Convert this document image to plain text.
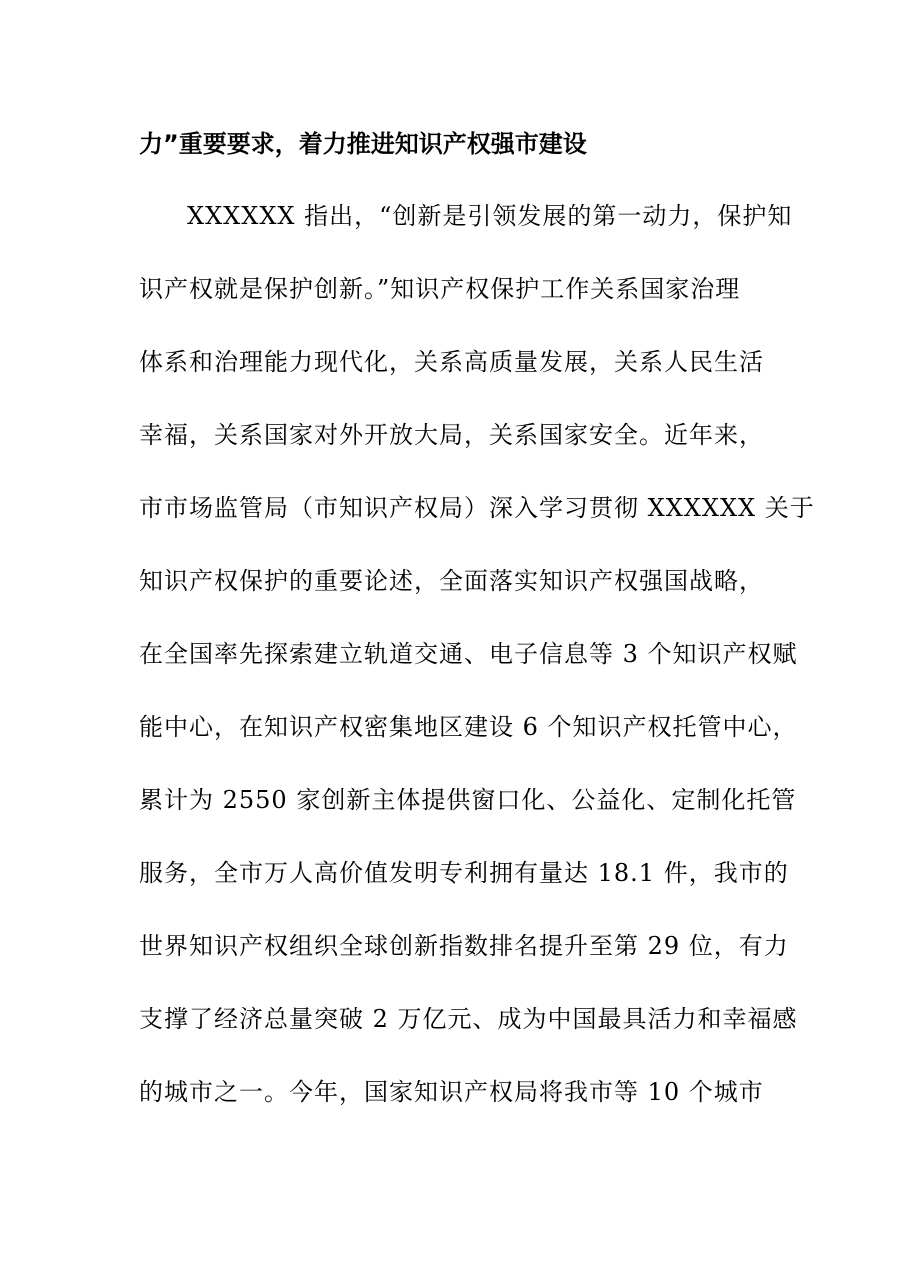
力”重要要求，着力推进知识产权强市建设

XXXXXX 指出，“创新是引领发展的第一动力，保护知

识产权就是保护创新。”知识产权保护工作关系国家治理

体系和治理能力现代化，关系高质量发展，关系人民生活

幸福，关系国家对外开放大局，关系国家安全。近年来，

市市场监管局（市知识产权局）深入学习贯彻 XXXXXX 关于

知识产权保护的重要论述，全面落实知识产权强国战略，

在全国率先探索建立轨道交通、电子信息等 3 个知识产权赋

能中心，在知识产权密集地区建设 6 个知识产权托管中心，

累计为 2550 家创新主体提供窗口化、公益化、定制化托管

服务，全市万人高价值发明专利拥有量达 18.1 件，我市的

世界知识产权组织全球创新指数排名提升至第 29 位，有力

支撑了经济总量突破 2 万亿元、成为中国最具活力和幸福感

的城市之一。今年，国家知识产权局将我市等 10 个城市
